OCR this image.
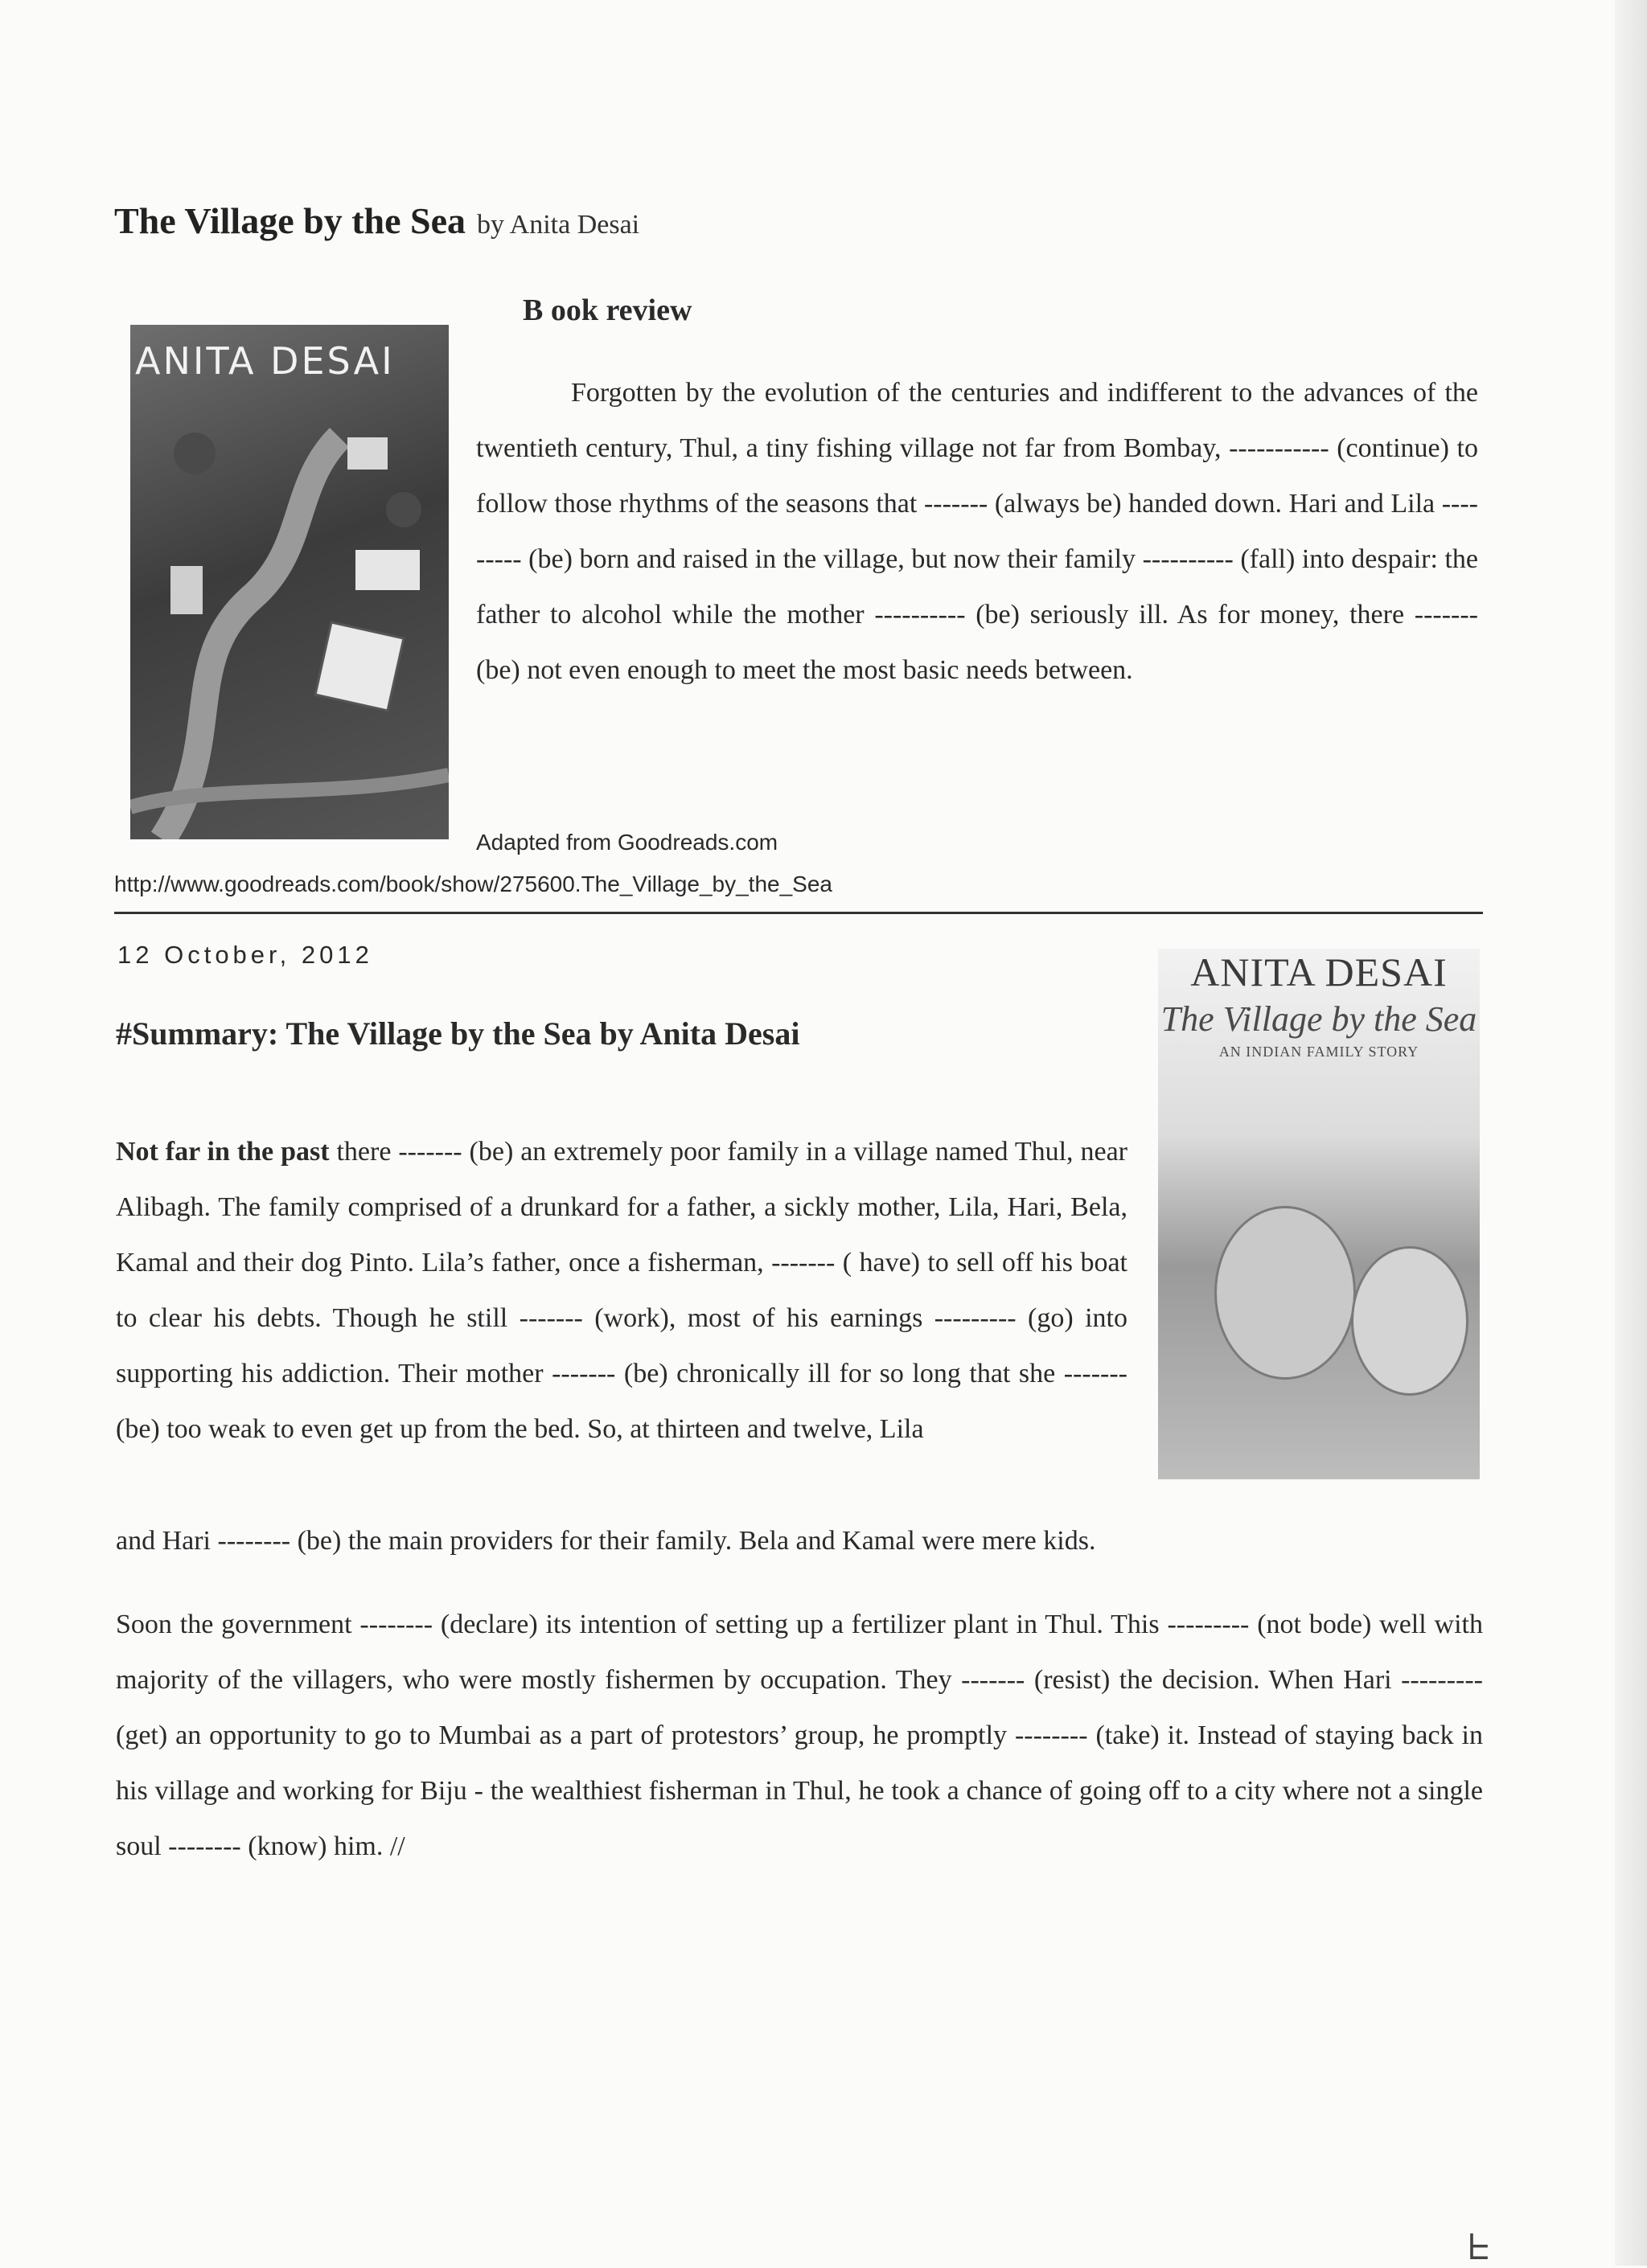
The Village by the Sea by Anita Desai
ANITA DESAI
B ook review

Forgotten by the evolution of the centuries and indifferent to the advances of the twentieth century, Thul, a tiny fishing village not far from Bombay, ----------- (continue) to follow those rhythms of the seasons that ------- (always be) handed down. Hari and Lila --------- (be) born and raised in the village, but now their family ---------- (fall) into despair: the father to alcohol while the mother ---------- (be) seriously ill. As for money, there ------- (be) not even enough to meet the most basic needs between.

Adapted from Goodreads.com
http://www.goodreads.com/book/show/275600.The_Village_by_the_Sea
12 October, 2012
#Summary: The Village by the Sea by Anita Desai
ANITA DESAI
The Village by the Sea
AN INDIAN FAMILY STORY

Not far in the past there ------- (be) an extremely poor family in a village named Thul, near Alibagh. The family comprised of a drunkard for a father, a sickly mother, Lila, Hari, Bela, Kamal and their dog Pinto. Lila’s father, once a fisherman, ------- ( have) to sell off his boat to clear his debts. Though he still ------- (work), most of his earnings --------- (go) into supporting his addiction. Their mother ------- (be) chronically ill for so long that she ------- (be) too weak to even get up from the bed. So, at thirteen and twelve, Lila

and Hari -------- (be) the main providers for their family. Bela and Kamal were mere kids.

Soon the government -------- (declare) its intention of setting up a fertilizer plant in Thul. This --------- (not bode) well with majority of the villagers, who were mostly fishermen by occupation. They ------- (resist) the decision. When Hari --------- (get) an opportunity to go to Mumbai as a part of protestors’ group, he promptly -------- (take) it. Instead of staying back in his village and working for Biju - the wealthiest fisherman in Thul, he took a chance of going off to a city where not a single soul -------- (know) him. //

ᖶ
